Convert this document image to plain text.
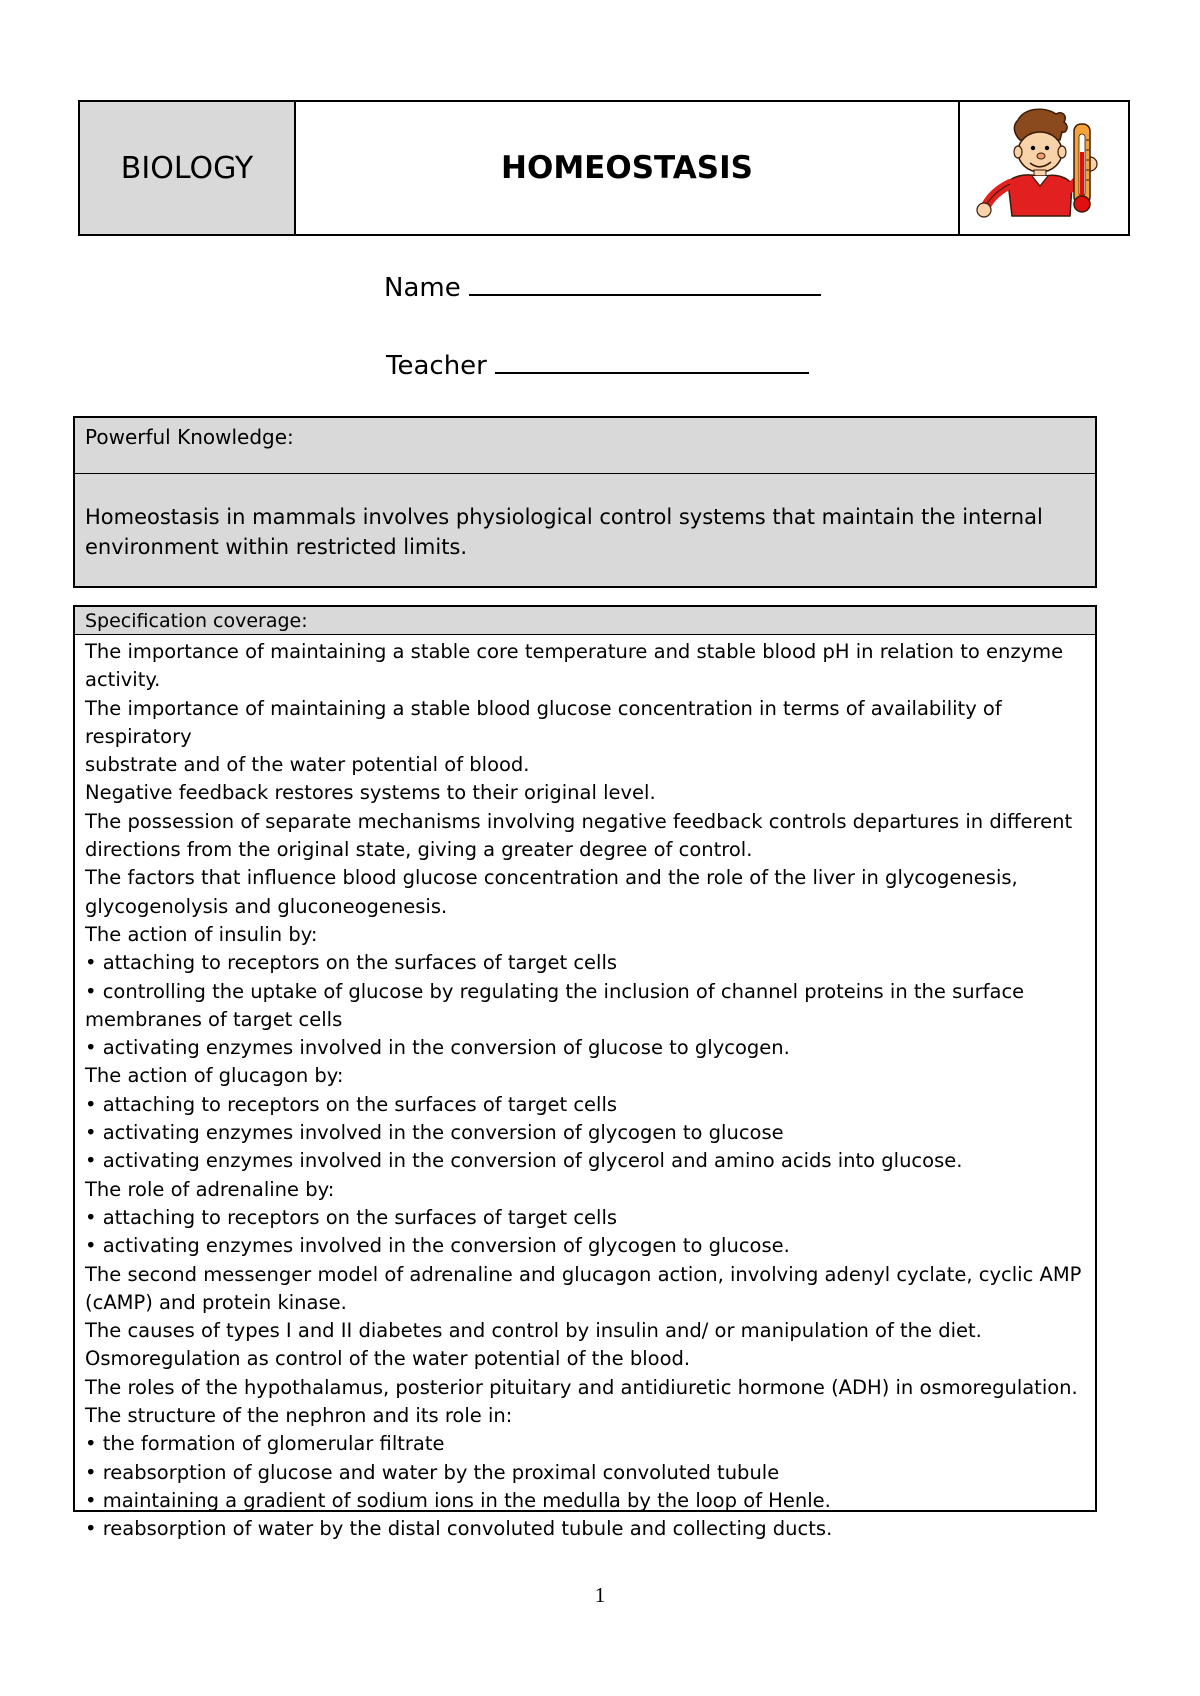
BIOLOGY	HOMEOSTASIS
Name
Teacher
Powerful Knowledge:
Homeostasis in mammals involves physiological control systems that maintain the internal environment within restricted limits.
Specification coverage:
The importance of maintaining a stable core temperature and stable blood pH in relation to enzyme
activity.
The importance of maintaining a stable blood glucose concentration in terms of availability of respiratory
substrate and of the water potential of blood.
Negative feedback restores systems to their original level.
The possession of separate mechanisms involving negative feedback controls departures in different
directions from the original state, giving a greater degree of control.
The factors that influence blood glucose concentration and the role of the liver in glycogenesis,
glycogenolysis and gluconeogenesis.
The action of insulin by:
• attaching to receptors on the surfaces of target cells
• controlling the uptake of glucose by regulating the inclusion of channel proteins in the surface
membranes of target cells
• activating enzymes involved in the conversion of glucose to glycogen.
The action of glucagon by:
• attaching to receptors on the surfaces of target cells
• activating enzymes involved in the conversion of glycogen to glucose
• activating enzymes involved in the conversion of glycerol and amino acids into glucose.
The role of adrenaline by:
• attaching to receptors on the surfaces of target cells
• activating enzymes involved in the conversion of glycogen to glucose.
The second messenger model of adrenaline and glucagon action, involving adenyl cyclate, cyclic AMP
(cAMP) and protein kinase.
The causes of types I and II diabetes and control by insulin and/ or manipulation of the diet.
Osmoregulation as control of the water potential of the blood.
The roles of the hypothalamus, posterior pituitary and antidiuretic hormone (ADH) in osmoregulation.
The structure of the nephron and its role in:
• the formation of glomerular filtrate
• reabsorption of glucose and water by the proximal convoluted tubule
• maintaining a gradient of sodium ions in the medulla by the loop of Henle.
• reabsorption of water by the distal convoluted tubule and collecting ducts.
1
